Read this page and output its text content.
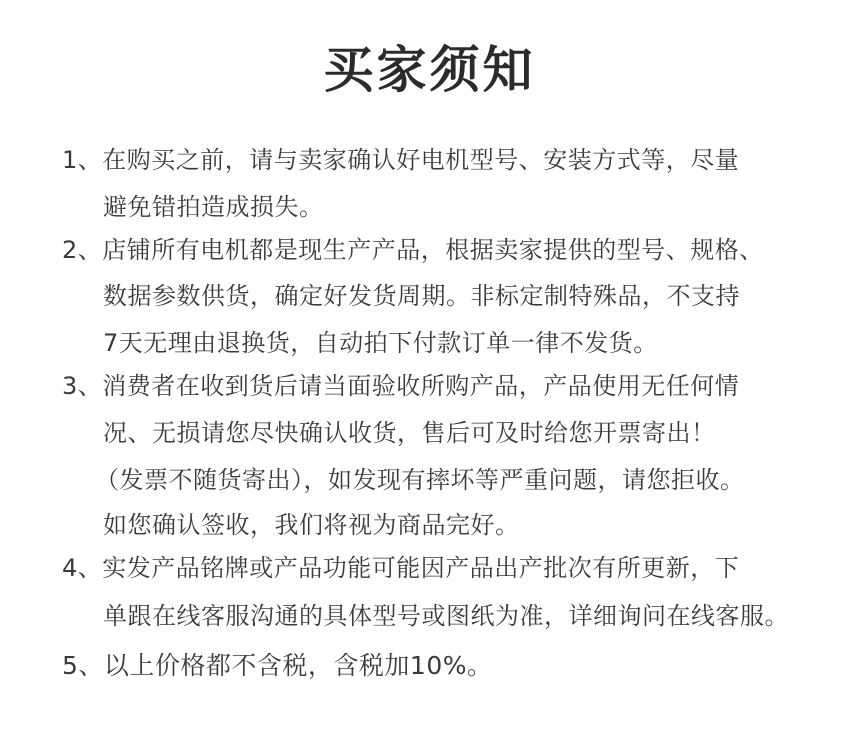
买家须知
1、在购买之前，请与卖家确认好电机型号、安装方式等，尽量
避免错拍造成损失。
2、店铺所有电机都是现生产产品，根据卖家提供的型号、规格、
数据参数供货，确定好发货周期。非标定制特殊品，不支持
7天无理由退换货，自动拍下付款订单一律不发货。
3、消费者在收到货后请当面验收所购产品，产品使用无任何情
况、无损请您尽快确认收货，售后可及时给您开票寄出！
（发票不随货寄出），如发现有摔坏等严重问题，请您拒收。
如您确认签收，我们将视为商品完好。
4、实发产品铭牌或产品功能可能因产品出产批次有所更新，下
单跟在线客服沟通的具体型号或图纸为准，详细询问在线客服。
5、以上价格都不含税，含税加10%。
